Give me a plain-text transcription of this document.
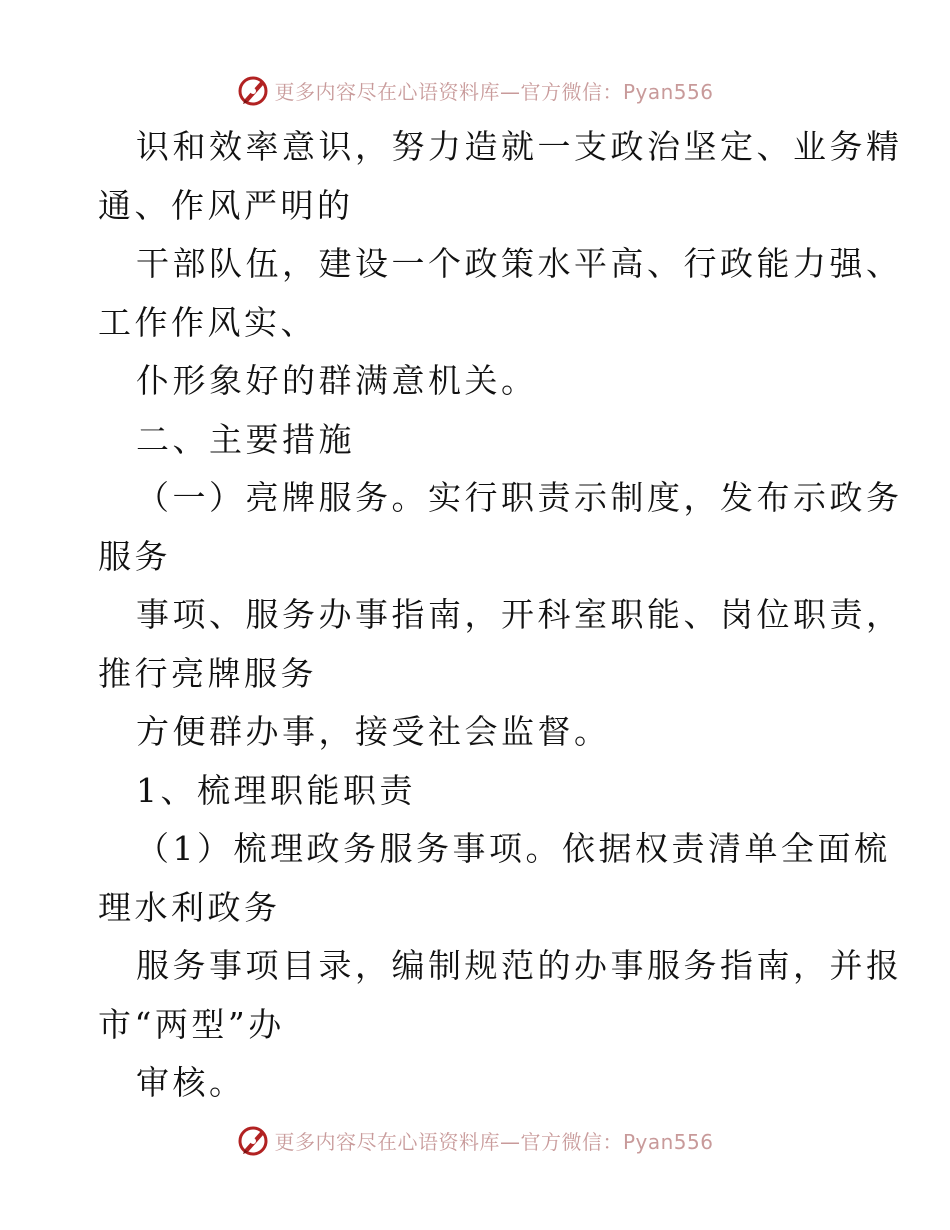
更多内容尽在心语资料库—官方微信：Pyan556
识和效率意识，努力造就一支政治坚定、业务精
通、作风严明的
干部队伍，建设一个政策水平高、行政能力强、
工作作风实、
仆形象好的群满意机关。
二、主要措施
（一）亮牌服务。实行职责示制度，发布示政务
服务
事项、服务办事指南，开科室职能、岗位职责，
推行亮牌服务
方便群办事，接受社会监督。
1、梳理职能职责
（1）梳理政务服务事项。依据权责清单全面梳
理水利政务
服务事项目录，编制规范的办事服务指南，并报
市“两型”办
审核。
更多内容尽在心语资料库—官方微信：Pyan556
